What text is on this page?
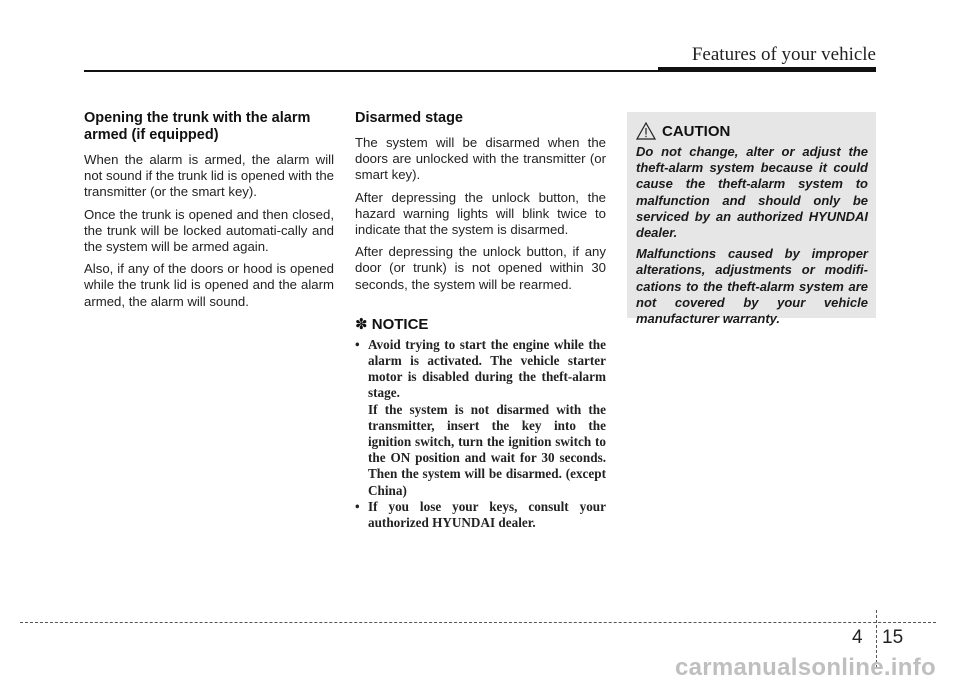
Features of your vehicle
Opening the trunk with the alarm armed (if equipped)

When the alarm is armed, the alarm will not sound if the trunk lid is opened with the transmitter (or the smart key).

Once the trunk is opened and then closed, the trunk will be locked automati-cally and the system will be armed again.

Also, if any of the doors or hood is opened while the trunk lid is opened and the alarm armed, the alarm will sound.

Disarmed stage

The system will be disarmed when the doors are unlocked with the transmitter (or smart key).

After depressing the unlock button, the hazard warning lights will blink twice to indicate that the system is disarmed.

After depressing the unlock button, if any door (or trunk) is not opened within 30 seconds, the system will be rearmed.

✽ NOTICE
• Avoid trying to start the engine while the alarm is activated. The vehicle starter motor is disabled during the theft-alarm stage.
If the system is not disarmed with the transmitter, insert the key into the ignition switch, turn the ignition switch to the ON position and wait for 30 seconds. Then the system will be disarmed. (except China)
• If you lose your keys, consult your authorized HYUNDAI dealer.
CAUTION

Do not change, alter or adjust the theft-alarm system because it could cause the theft-alarm system to malfunction and should only be serviced by an authorized HYUNDAI dealer.

Malfunctions caused by improper alterations, adjustments or modifi-cations to the theft-alarm system are not covered by your vehicle manufacturer warranty.

4 15
carmanualsonline.info
